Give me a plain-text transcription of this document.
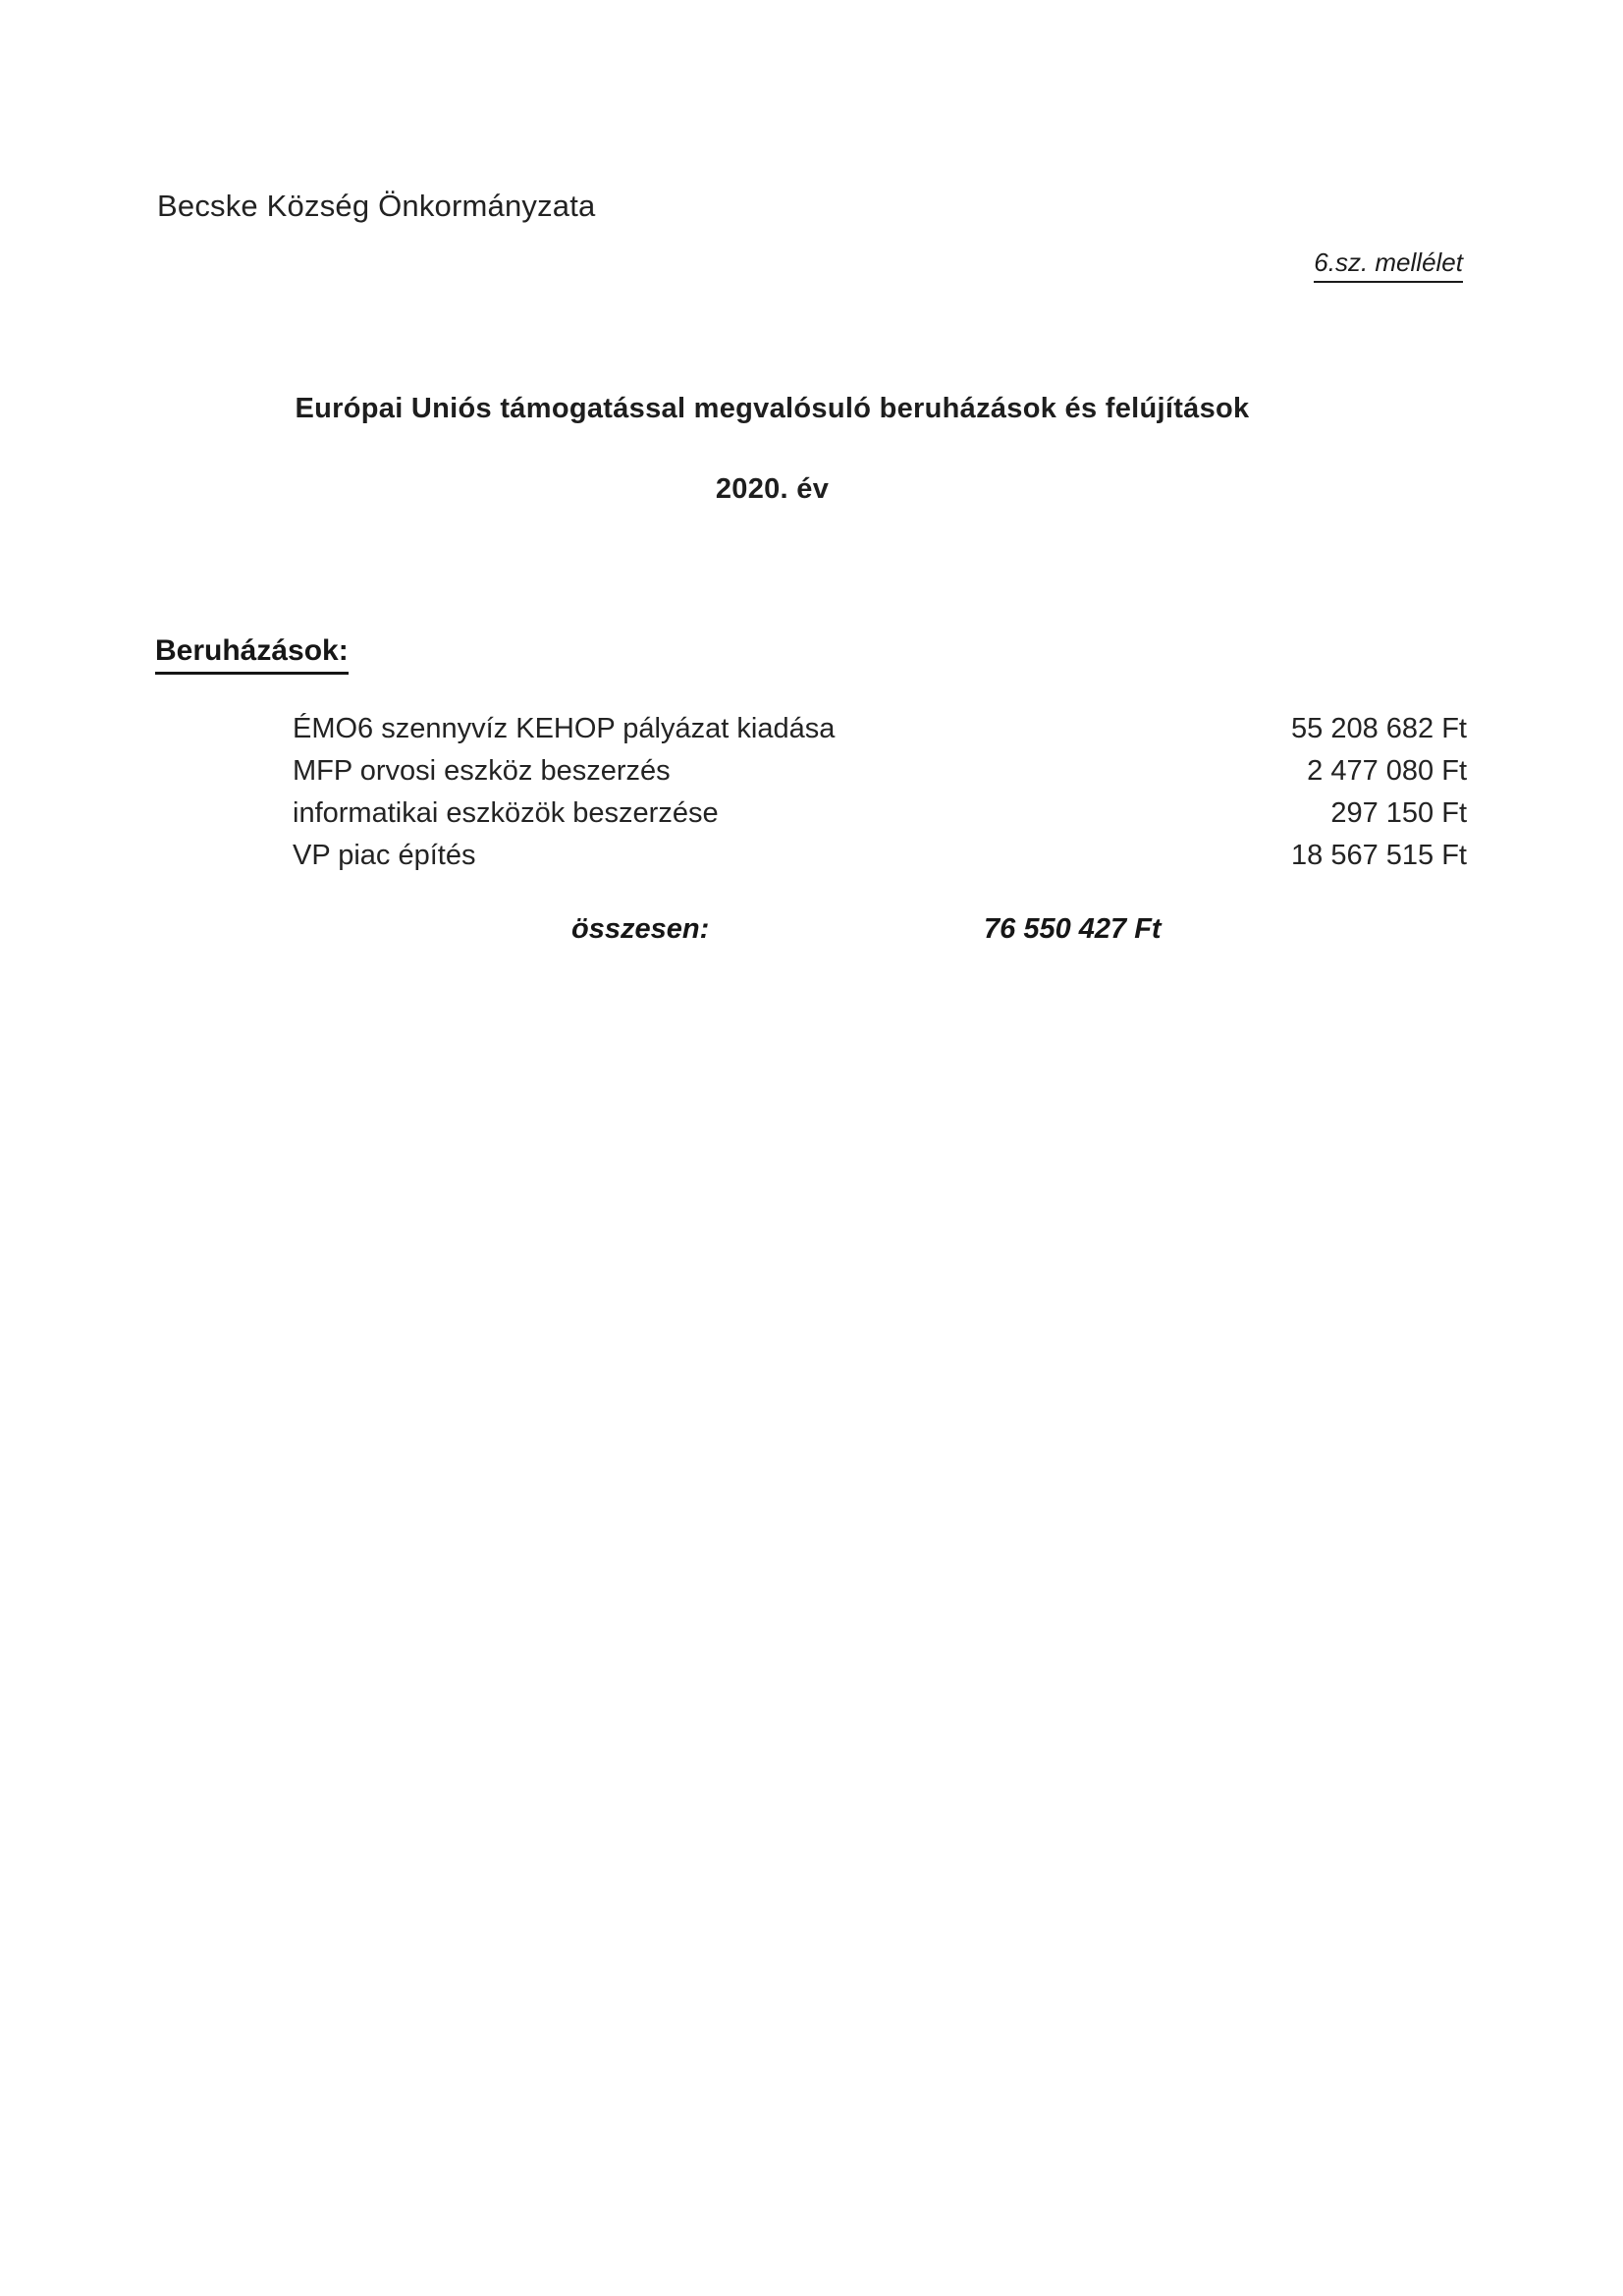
Becske Község Önkormányzata
6.sz. mellélet
Európai Uniós támogatással megvalósuló beruházások és felújítások
2020. év
Beruházások:
ÉMO6 szennyvíz KEHOP pályázat kiadása	55 208 682 Ft
MFP orvosi eszköz beszerzés	2 477 080 Ft
informatikai eszközök beszerzése	297 150 Ft
VP piac építés	18 567 515 Ft
összesen:	76 550 427 Ft
